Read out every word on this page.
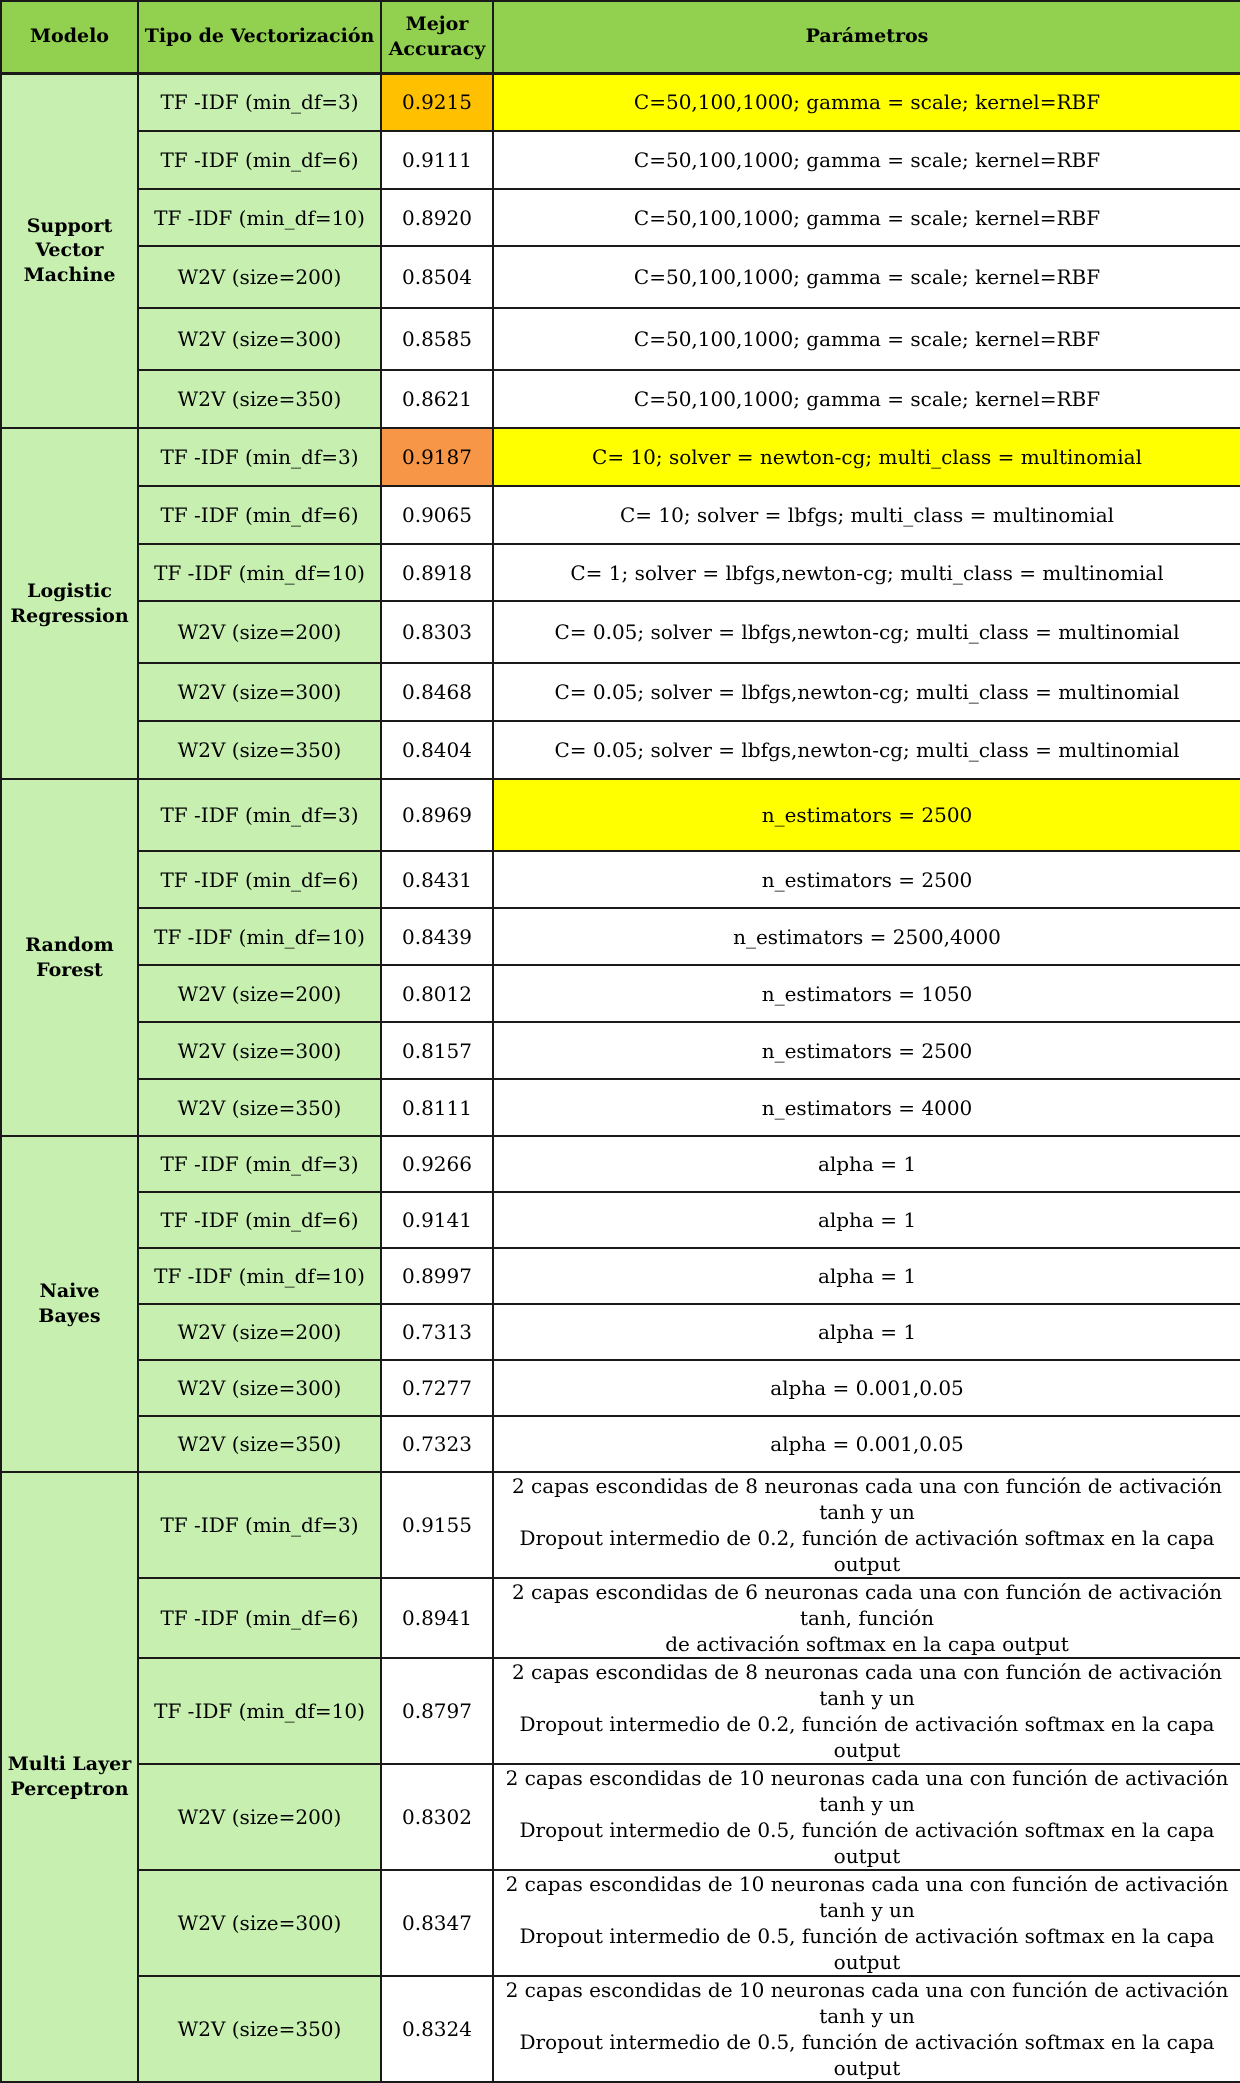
Modelo	Tipo de Vectorización	Mejor
Accuracy	Parámetros

Support
Vector
Machine	TF -IDF (min_df=3)	0.9215	C=50,100,1000; gamma = scale; kernel=RBF

	TF -IDF (min_df=6)	0.9111	C=50,100,1000; gamma = scale; kernel=RBF

	TF -IDF (min_df=10)	0.8920	C=50,100,1000; gamma = scale; kernel=RBF

	W2V (size=200)	0.8504	C=50,100,1000; gamma = scale; kernel=RBF

	W2V (size=300)	0.8585	C=50,100,1000; gamma = scale; kernel=RBF

	W2V (size=350)	0.8621	C=50,100,1000; gamma = scale; kernel=RBF

Logistic
Regression	TF -IDF (min_df=3)	0.9187	C= 10; solver = newton-cg; multi_class = multinomial

	TF -IDF (min_df=6)	0.9065	C= 10; solver = lbfgs; multi_class = multinomial

	TF -IDF (min_df=10)	0.8918	C= 1; solver = lbfgs,newton-cg; multi_class = multinomial

	W2V (size=200)	0.8303	C= 0.05; solver = lbfgs,newton-cg; multi_class = multinomial

	W2V (size=300)	0.8468	C= 0.05; solver = lbfgs,newton-cg; multi_class = multinomial

	W2V (size=350)	0.8404	C= 0.05; solver = lbfgs,newton-cg; multi_class = multinomial

Random
Forest	TF -IDF (min_df=3)	0.8969	n_estimators = 2500

	TF -IDF (min_df=6)	0.8431	n_estimators = 2500

	TF -IDF (min_df=10)	0.8439	n_estimators = 2500,4000

	W2V (size=200)	0.8012	n_estimators = 1050

	W2V (size=300)	0.8157	n_estimators = 2500

	W2V (size=350)	0.8111	n_estimators = 4000

Naive Bayes	TF -IDF (min_df=3)	0.9266	alpha = 1

	TF -IDF (min_df=6)	0.9141	alpha = 1

	TF -IDF (min_df=10)	0.8997	alpha = 1

	W2V (size=200)	0.7313	alpha = 1

	W2V (size=300)	0.7277	alpha = 0.001,0.05

	W2V (size=350)	0.7323	alpha = 0.001,0.05

Multi Layer
Perceptron	TF -IDF (min_df=3)	0.9155	2 capas escondidas de 8 neuronas cada una con función de activación tanh y un
Dropout intermedio de 0.2, función de activación softmax en la capa output

	TF -IDF (min_df=6)	0.8941	2 capas escondidas de 6 neuronas cada una con función de activación tanh, función
de activación softmax en la capa output

	TF -IDF (min_df=10)	0.8797	2 capas escondidas de 8 neuronas cada una con función de activación tanh y un
Dropout intermedio de 0.2, función de activación softmax en la capa output

	W2V (size=200)	0.8302	2 capas escondidas de 10 neuronas cada una con función de activación tanh y un
Dropout intermedio de 0.5, función de activación softmax en la capa output

	W2V (size=300)	0.8347	2 capas escondidas de 10 neuronas cada una con función de activación tanh y un
Dropout intermedio de 0.5, función de activación softmax en la capa output

	W2V (size=350)	0.8324	2 capas escondidas de 10 neuronas cada una con función de activación tanh y un
Dropout intermedio de 0.5, función de activación softmax en la capa output
